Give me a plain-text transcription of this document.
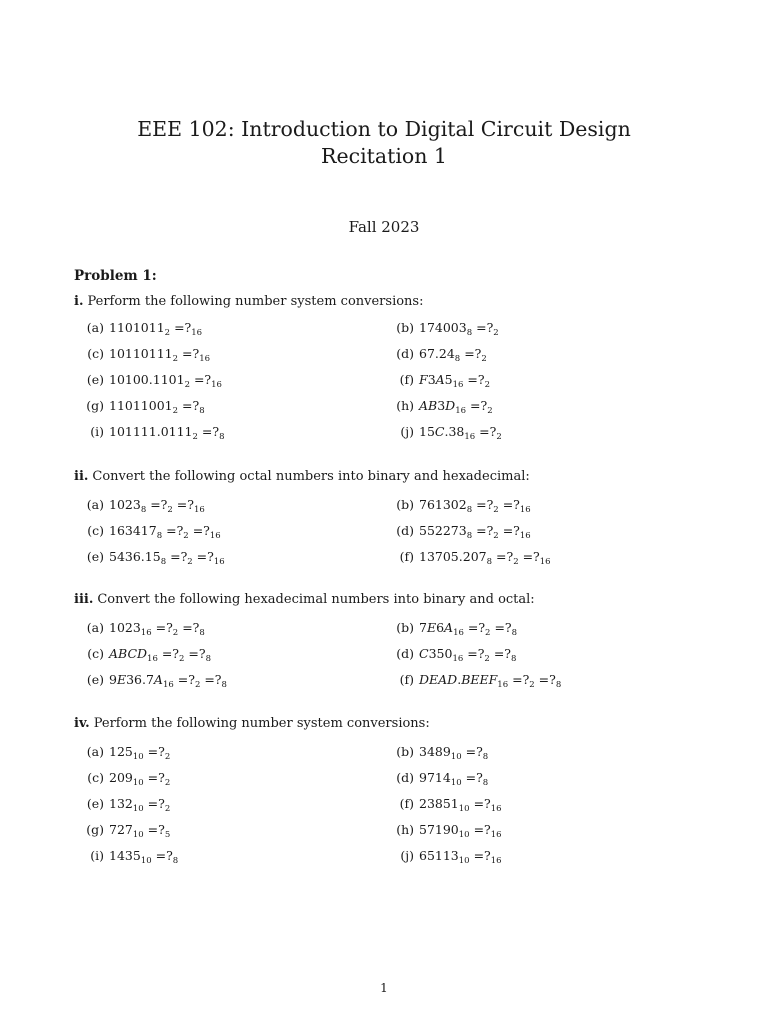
EEE 102: Introduction to Digital Circuit Design
Recitation 1
Fall 2023
Problem 1:
i. Perform the following number system conversions:
(a) $1101011_2$ $=?_{16}$	(b) $174003_8$ $=?_2$
(c) $10110111_2$ $=?_{16}$	(d) $67.24_8$ $=?_2$
(e) $10100.1101_2$ $=?_{16}$	(f) $F3A5_{16}$ $=?_2$
(g) $11011001_2$ $=?_8$	(h) $AB3D_{16}$ $=?_2$
(i) $101111.0111_2$ $=?_8$	(j) $15C.38_{16}$ $=?_2$
ii. Convert the following octal numbers into binary and hexadecimal:
(a) $1023_8$ $=?_2$ $=?_{16}$	(b) $761302_8$ $=?_2$ $=?_{16}$
(c) $163417_8$ $=?_2$ $=?_{16}$	(d) $552273_8$ $=?_2$ $=?_{16}$
(e) $5436.15_8$ $=?_2$ $=?_{16}$	(f) $13705.207_8$ $=?_2$ $=?_{16}$
iii. Convert the following hexadecimal numbers into binary and octal:
(a) $1023_{16}$ $=?_2$ $=?_8$	(b) $7E6A_{16}$ $=?_2$ $=?_8$
(c) $ABCD_{16}$ $=?_2$ $=?_8$	(d) $C350_{16}$ $=?_2$ $=?_8$
(e) $9E36.7A_{16}$ $=?_2$ $=?_8$	(f) $DEAD.BEEF_{16}$ $=?_2$ $=?_8$
iv. Perform the following number system conversions:
(a) $125_{10}$ $=?_2$	(b) $3489_{10}$ $=?_8$
(c) $209_{10}$ $=?_2$	(d) $9714_{10}$ $=?_8$
(e) $132_{10}$ $=?_2$	(f) $23851_{10}$ $=?_{16}$
(g) $727_{10}$ $=?_5$	(h) $57190_{10}$ $=?_{16}$
(i) $1435_{10}$ $=?_8$	(j) $65113_{10}$ $=?_{16}$
1
